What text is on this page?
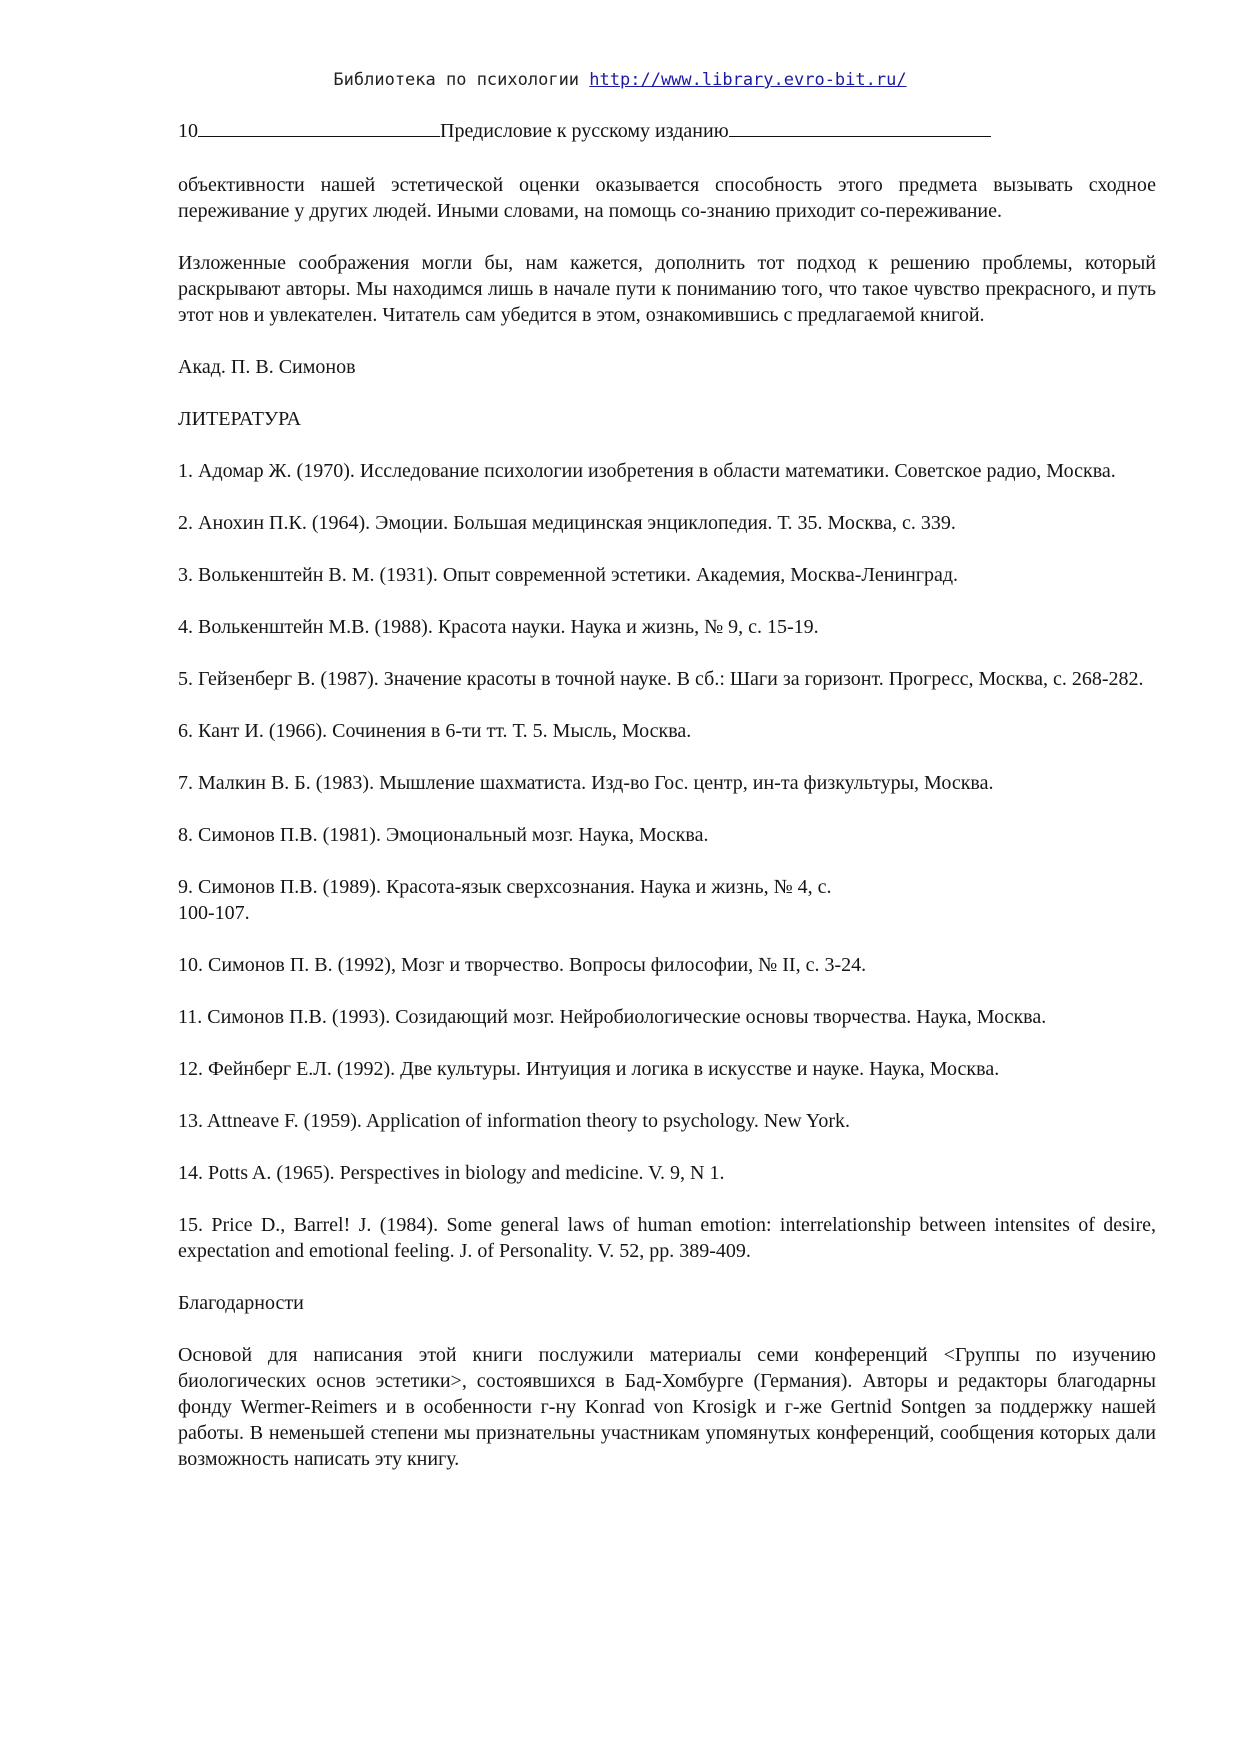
Библиотека по психологии http://www.library.evro-bit.ru/
10	Предисловие к русскому изданию

объективности нашей эстетической оценки оказывается способность этого предмета вызывать сходное переживание у других людей. Иными словами, на помощь со-знанию приходит со-переживание.

Изложенные соображения могли бы, нам кажется, дополнить тот подход к решению проблемы, который раскрывают авторы. Мы находимся лишь в начале пути к пониманию того, что такое чувство прекрасного, и путь этот нов и увлекателен. Читатель сам убедится в этом, ознакомившись с предлагаемой книгой.

Акад. П. В. Симонов

ЛИТЕРАТУРА

1. Адомар Ж. (1970). Исследование психологии изобретения в области математики. Советское радио, Москва.

2. Анохин П.К. (1964). Эмоции. Большая медицинская энциклопедия. Т. 35. Москва, с. 339.

3. Волькенштейн В. М. (1931). Опыт современной эстетики. Академия, Москва-Ленинград.

4. Волькенштейн М.В. (1988). Красота науки. Наука и жизнь, № 9, с. 15-19.

5. Гейзенберг В. (1987). Значение красоты в точной науке. В сб.: Шаги за горизонт. Прогресс, Москва, с. 268-282.

6. Кант И. (1966). Сочинения в 6-ти тт. Т. 5. Мысль, Москва.

7. Малкин В. Б. (1983). Мышление шахматиста. Изд-во Гос. центр, ин-та физкультуры, Москва.

8. Симонов П.В. (1981). Эмоциональный мозг. Наука, Москва.

9. Симонов П.В. (1989). Красота-язык сверхсознания. Наука и жизнь, № 4, с.
100-107.

10. Симонов П. В. (1992), Мозг и творчество. Вопросы философии, № II, с. 3-24.

11. Симонов П.В. (1993). Созидающий мозг. Нейробиологические основы творчества. Наука, Москва.

12. Фейнберг Е.Л. (1992). Две культуры. Интуиция и логика в искусстве и науке. Наука, Москва.

13. Attneave F. (1959). Application of information theory to psychology. New York.

14. Potts A. (1965). Perspectives in biology and medicine. V. 9, N 1.

15. Price D., Barrel! J. (1984). Some general laws of human emotion: interrelationship between intensites of desire, expectation and emotional feeling. J. of Personality. V. 52, pp. 389-409.

Благодарности

Основой для написания этой книги послужили материалы семи конференций <Группы по изучению биологических основ эстетики>, состоявшихся в Бад-Хомбурге (Германия). Авторы и редакторы благодарны фонду Wermer-Reimers и в особенности г-ну Konrad von Krosigk и г-же Gertnid Sontgen за поддержку нашей работы. В неменьшей степени мы признательны участникам упомянутых конференций, сообщения которых дали возможность написать эту книгу.
